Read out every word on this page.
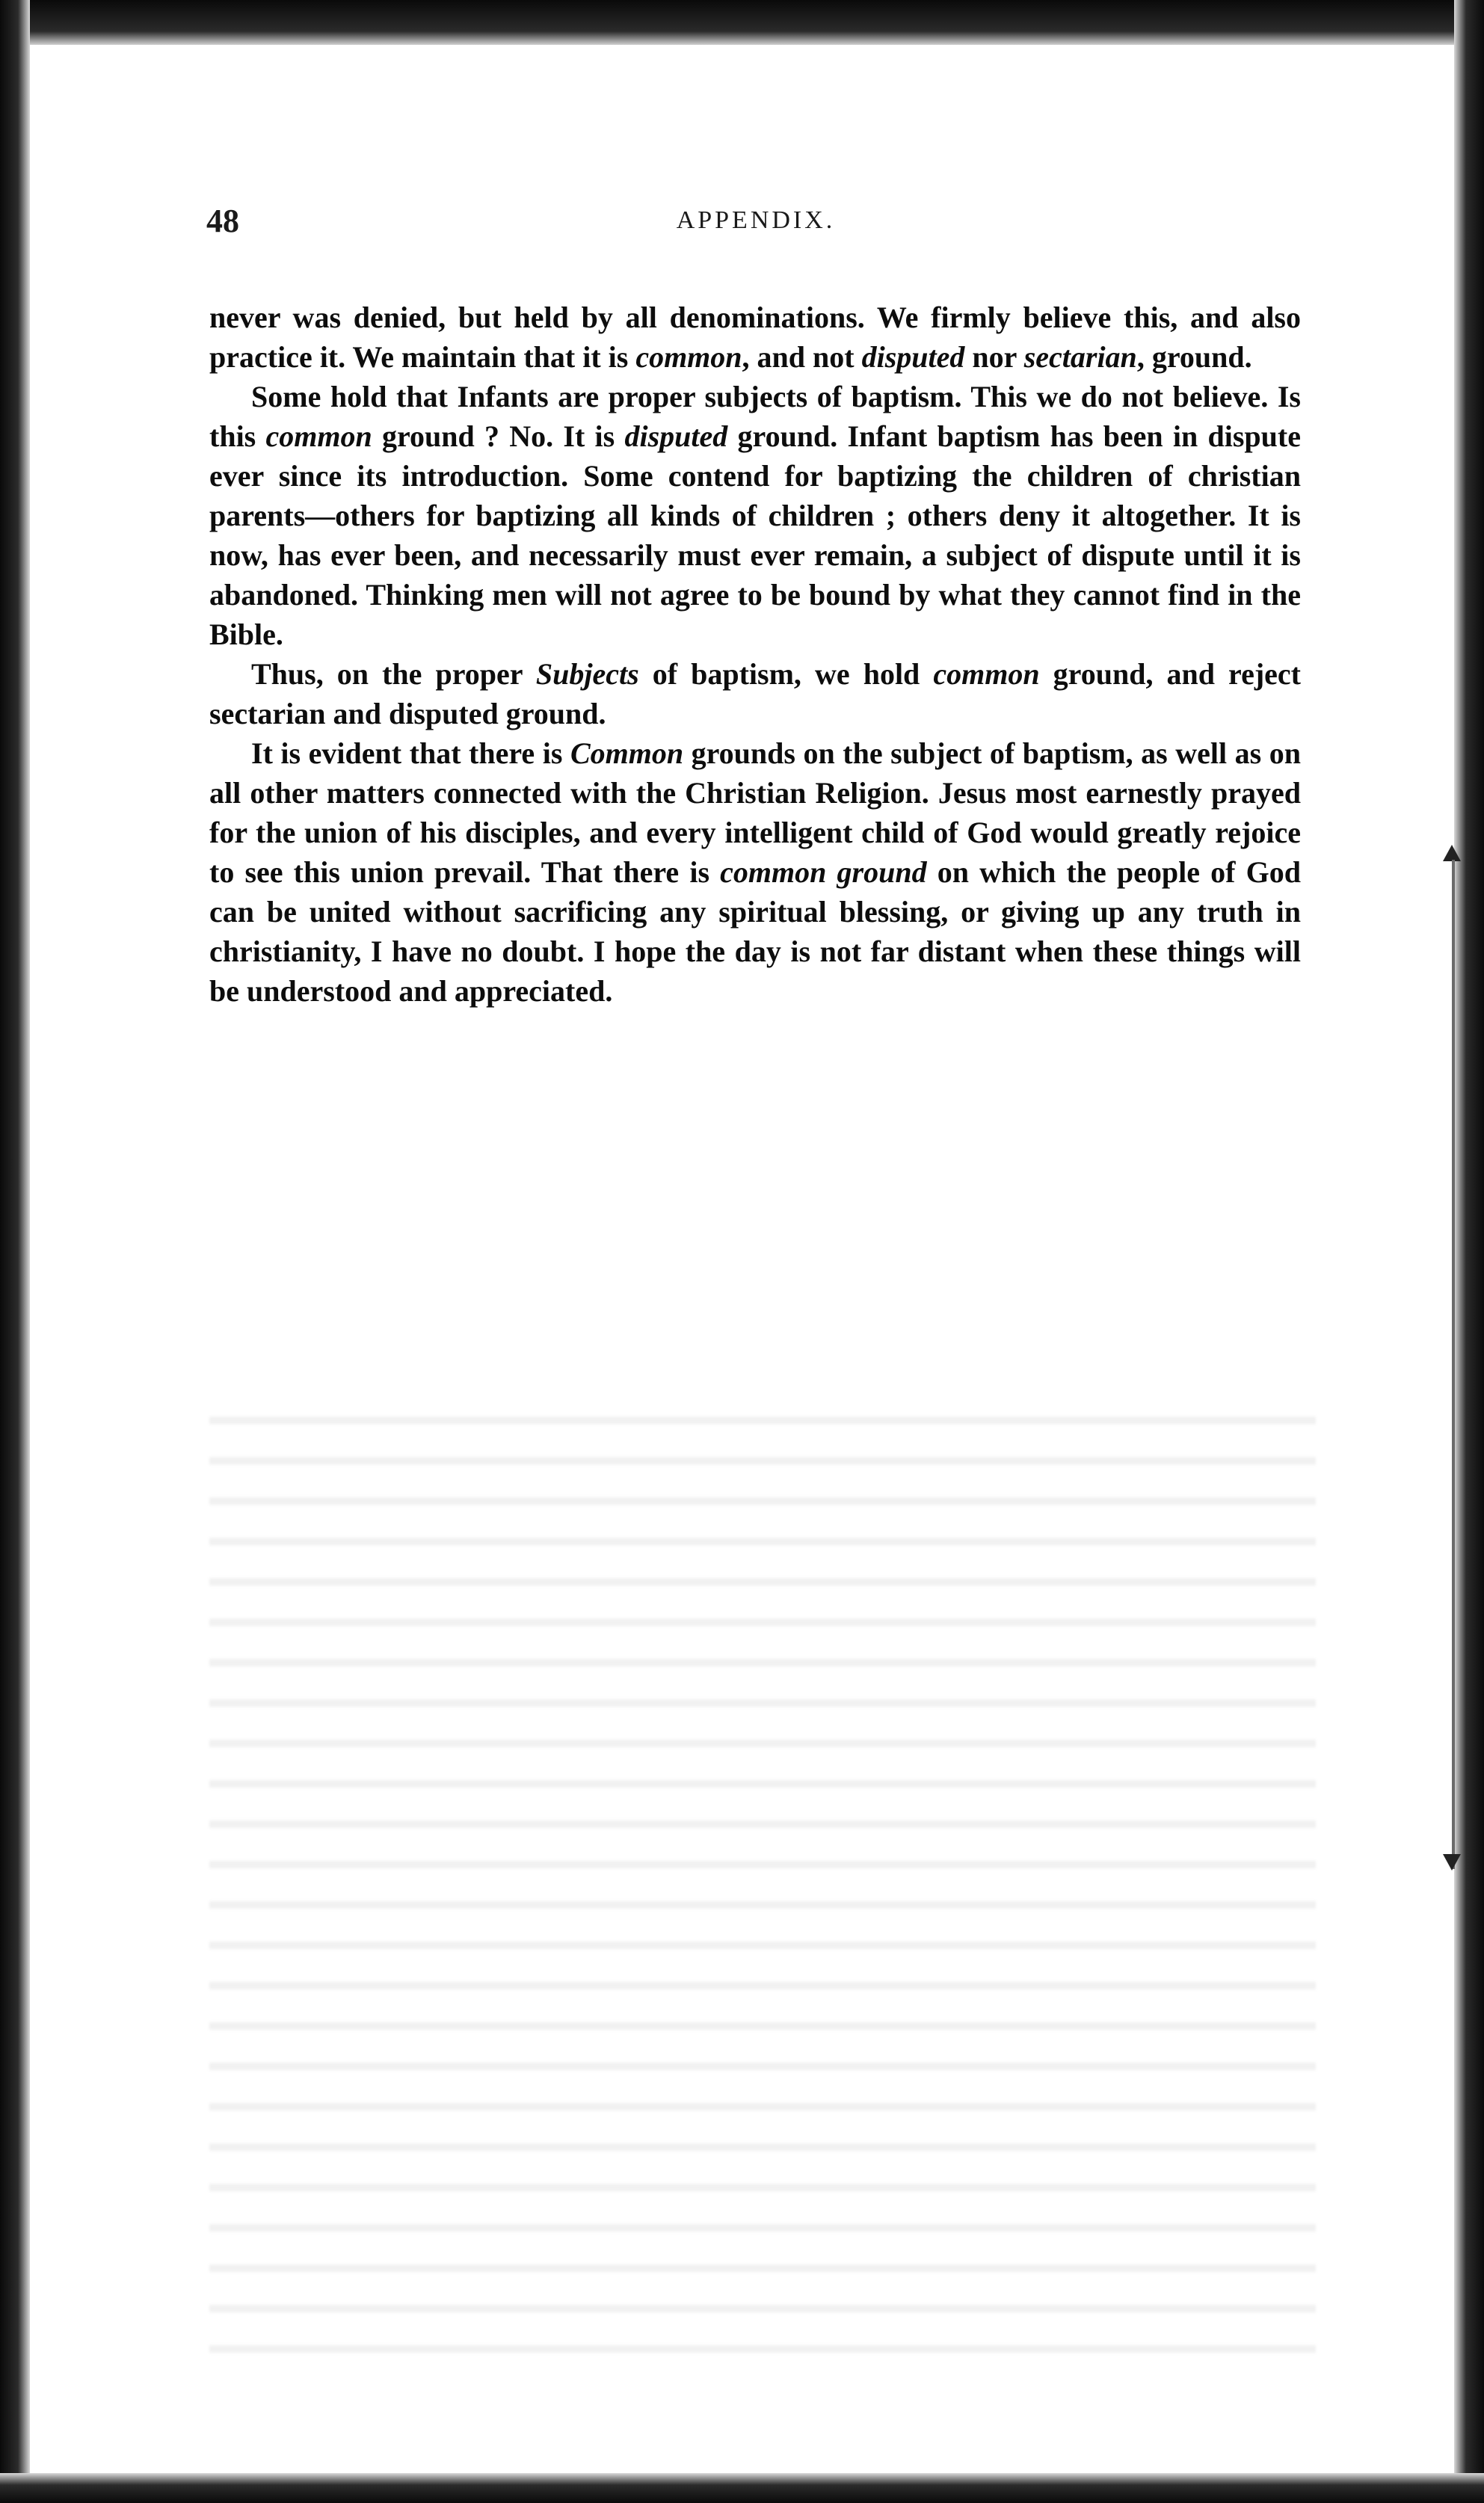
48	APPENDIX.

never was denied, but held by all denominations. We firmly believe this, and also practice it. We maintain that it is common, and not disputed nor sectarian, ground.

Some hold that Infants are proper subjects of baptism. This we do not believe. Is this common ground ? No. It is disputed ground. Infant baptism has been in dispute ever since its introduction. Some contend for baptizing the children of christian parents—others for baptizing all kinds of children ; others deny it altogether. It is now, has ever been, and necessarily must ever remain, a subject of dispute until it is abandoned. Thinking men will not agree to be bound by what they cannot find in the Bible.

Thus, on the proper Subjects of baptism, we hold common ground, and reject sectarian and disputed ground.

It is evident that there is Common grounds on the subject of baptism, as well as on all other matters connected with the Christian Religion. Jesus most earnestly prayed for the union of his disciples, and every intelligent child of God would greatly rejoice to see this union prevail. That there is common ground on which the people of God can be united without sacrificing any spiritual blessing, or giving up any truth in christianity, I have no doubt. I hope the day is not far distant when these things will be understood and appreciated.
